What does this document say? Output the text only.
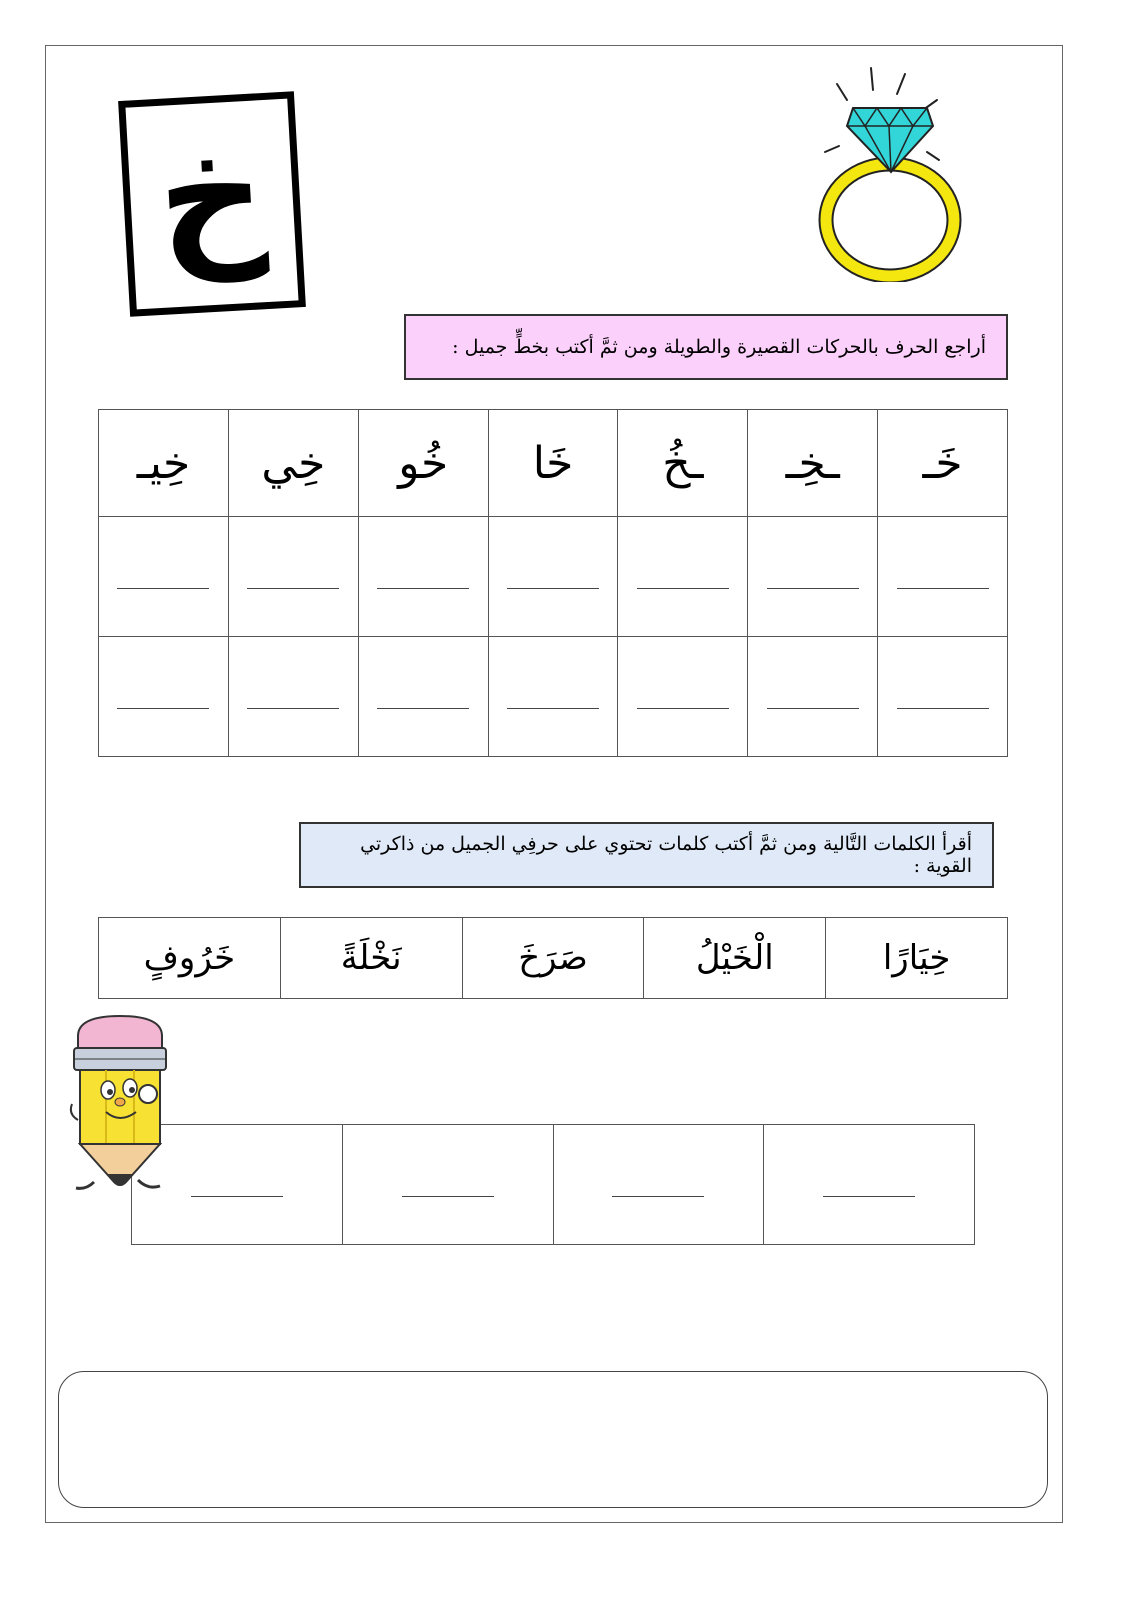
خ
أراجع الحرف بالحركات القصيرة والطويلة ومن ثمَّ أكتب بخطٍّ جميل :
خَـ	ـخِـ	ـخُ	خَا	خُو	خِي	خِيـ

أقرأ الكلمات التَّالية ومن ثمَّ أكتب كلمات تحتوي على حرفِي الجميل من ذاكرتي القوية :
خِيَارًا	الْخَيْلُ	صَرَخَ	نَخْلَةً	خَرُوفٍ
